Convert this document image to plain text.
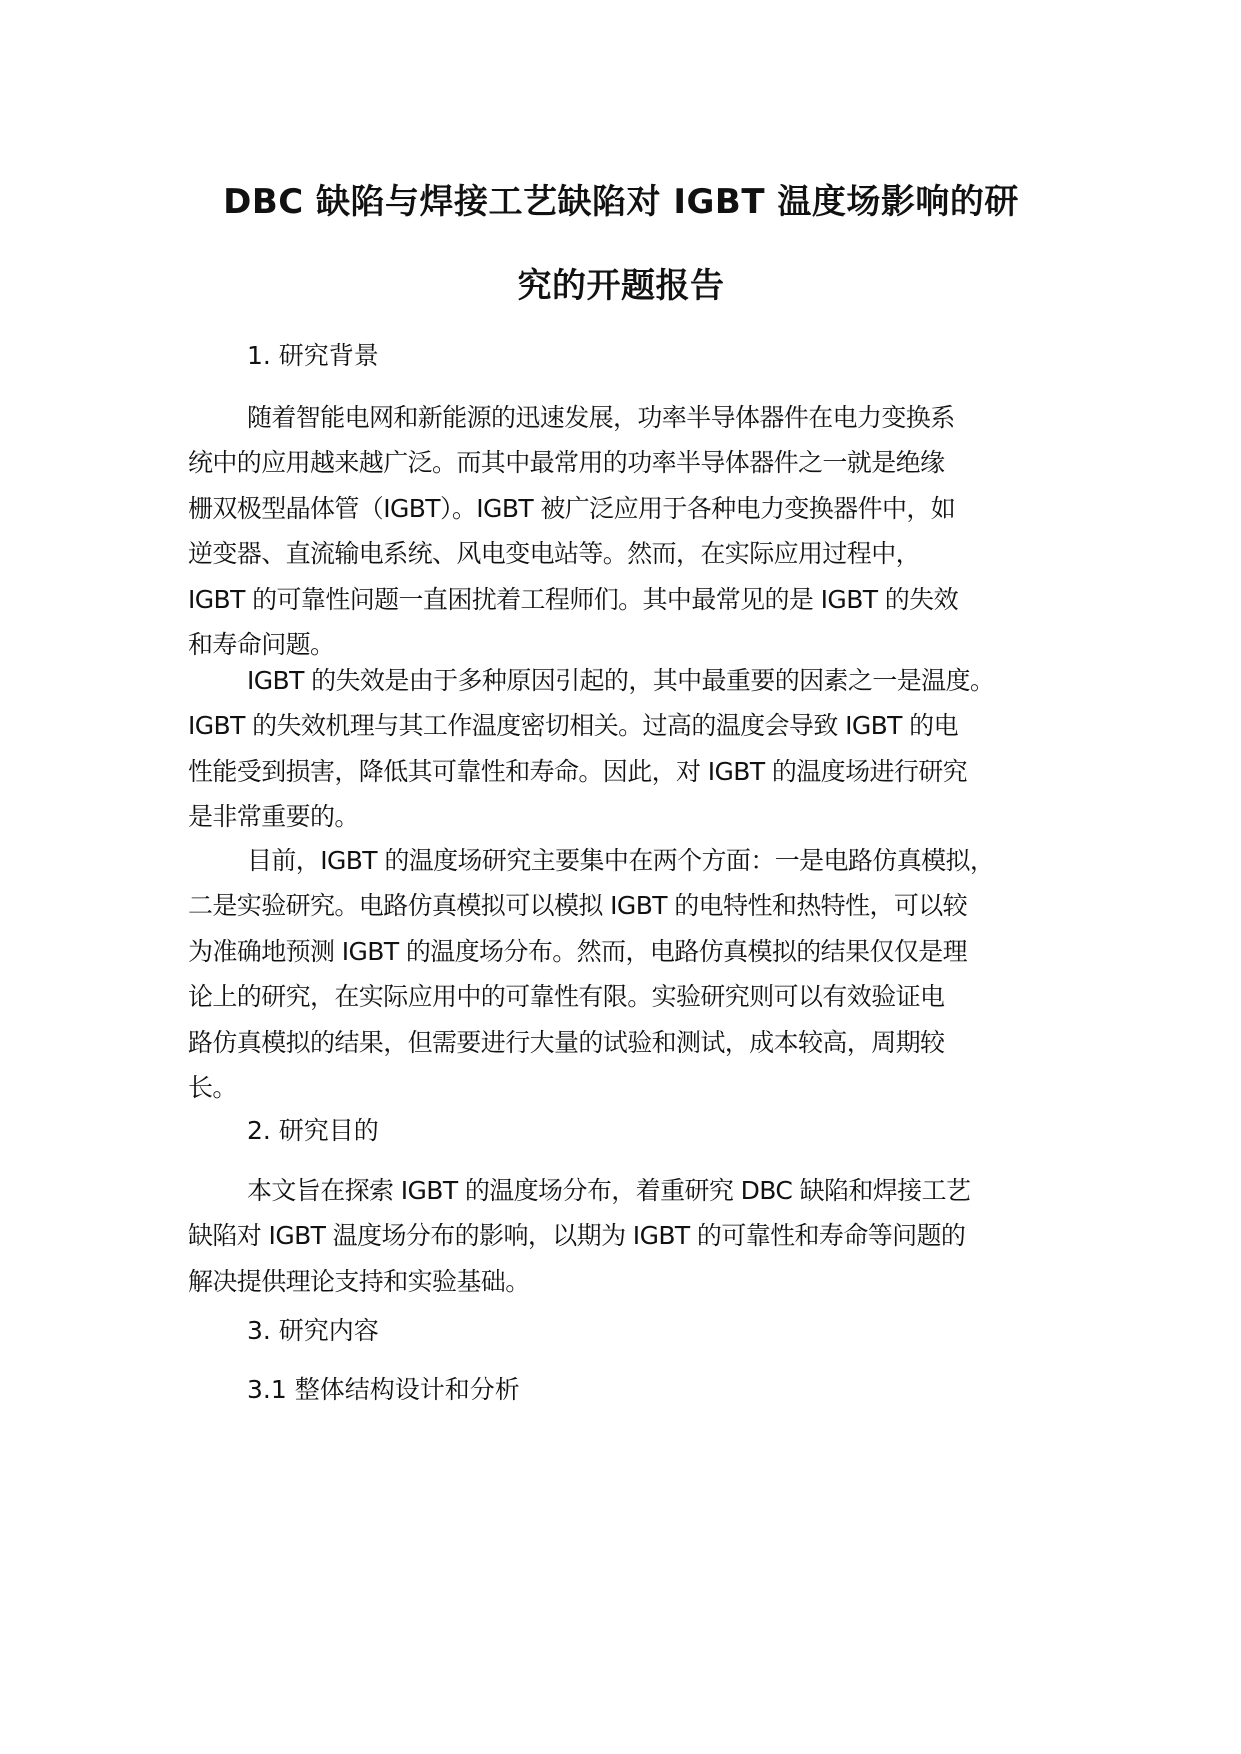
DBC 缺陷与焊接工艺缺陷对 IGBT 温度场影响的研
究的开题报告
1. 研究背景
随着智能电网和新能源的迅速发展，功率半导体器件在电力变换系
统中的应用越来越广泛。而其中最常用的功率半导体器件之一就是绝缘
栅双极型晶体管（IGBT）。IGBT 被广泛应用于各种电力变换器件中，如
逆变器、直流输电系统、风电变电站等。然而，在实际应用过程中，
IGBT 的可靠性问题一直困扰着工程师们。其中最常见的是 IGBT 的失效
和寿命问题。
IGBT 的失效是由于多种原因引起的，其中最重要的因素之一是温度。
IGBT 的失效机理与其工作温度密切相关。过高的温度会导致 IGBT 的电
性能受到损害，降低其可靠性和寿命。因此，对 IGBT 的温度场进行研究
是非常重要的。
目前，IGBT 的温度场研究主要集中在两个方面：一是电路仿真模拟，
二是实验研究。电路仿真模拟可以模拟 IGBT 的电特性和热特性，可以较
为准确地预测 IGBT 的温度场分布。然而，电路仿真模拟的结果仅仅是理
论上的研究，在实际应用中的可靠性有限。实验研究则可以有效验证电
路仿真模拟的结果，但需要进行大量的试验和测试，成本较高，周期较
长。
2. 研究目的
本文旨在探索 IGBT 的温度场分布，着重研究 DBC 缺陷和焊接工艺
缺陷对 IGBT 温度场分布的影响，以期为 IGBT 的可靠性和寿命等问题的
解决提供理论支持和实验基础。
3. 研究内容
3.1 整体结构设计和分析
